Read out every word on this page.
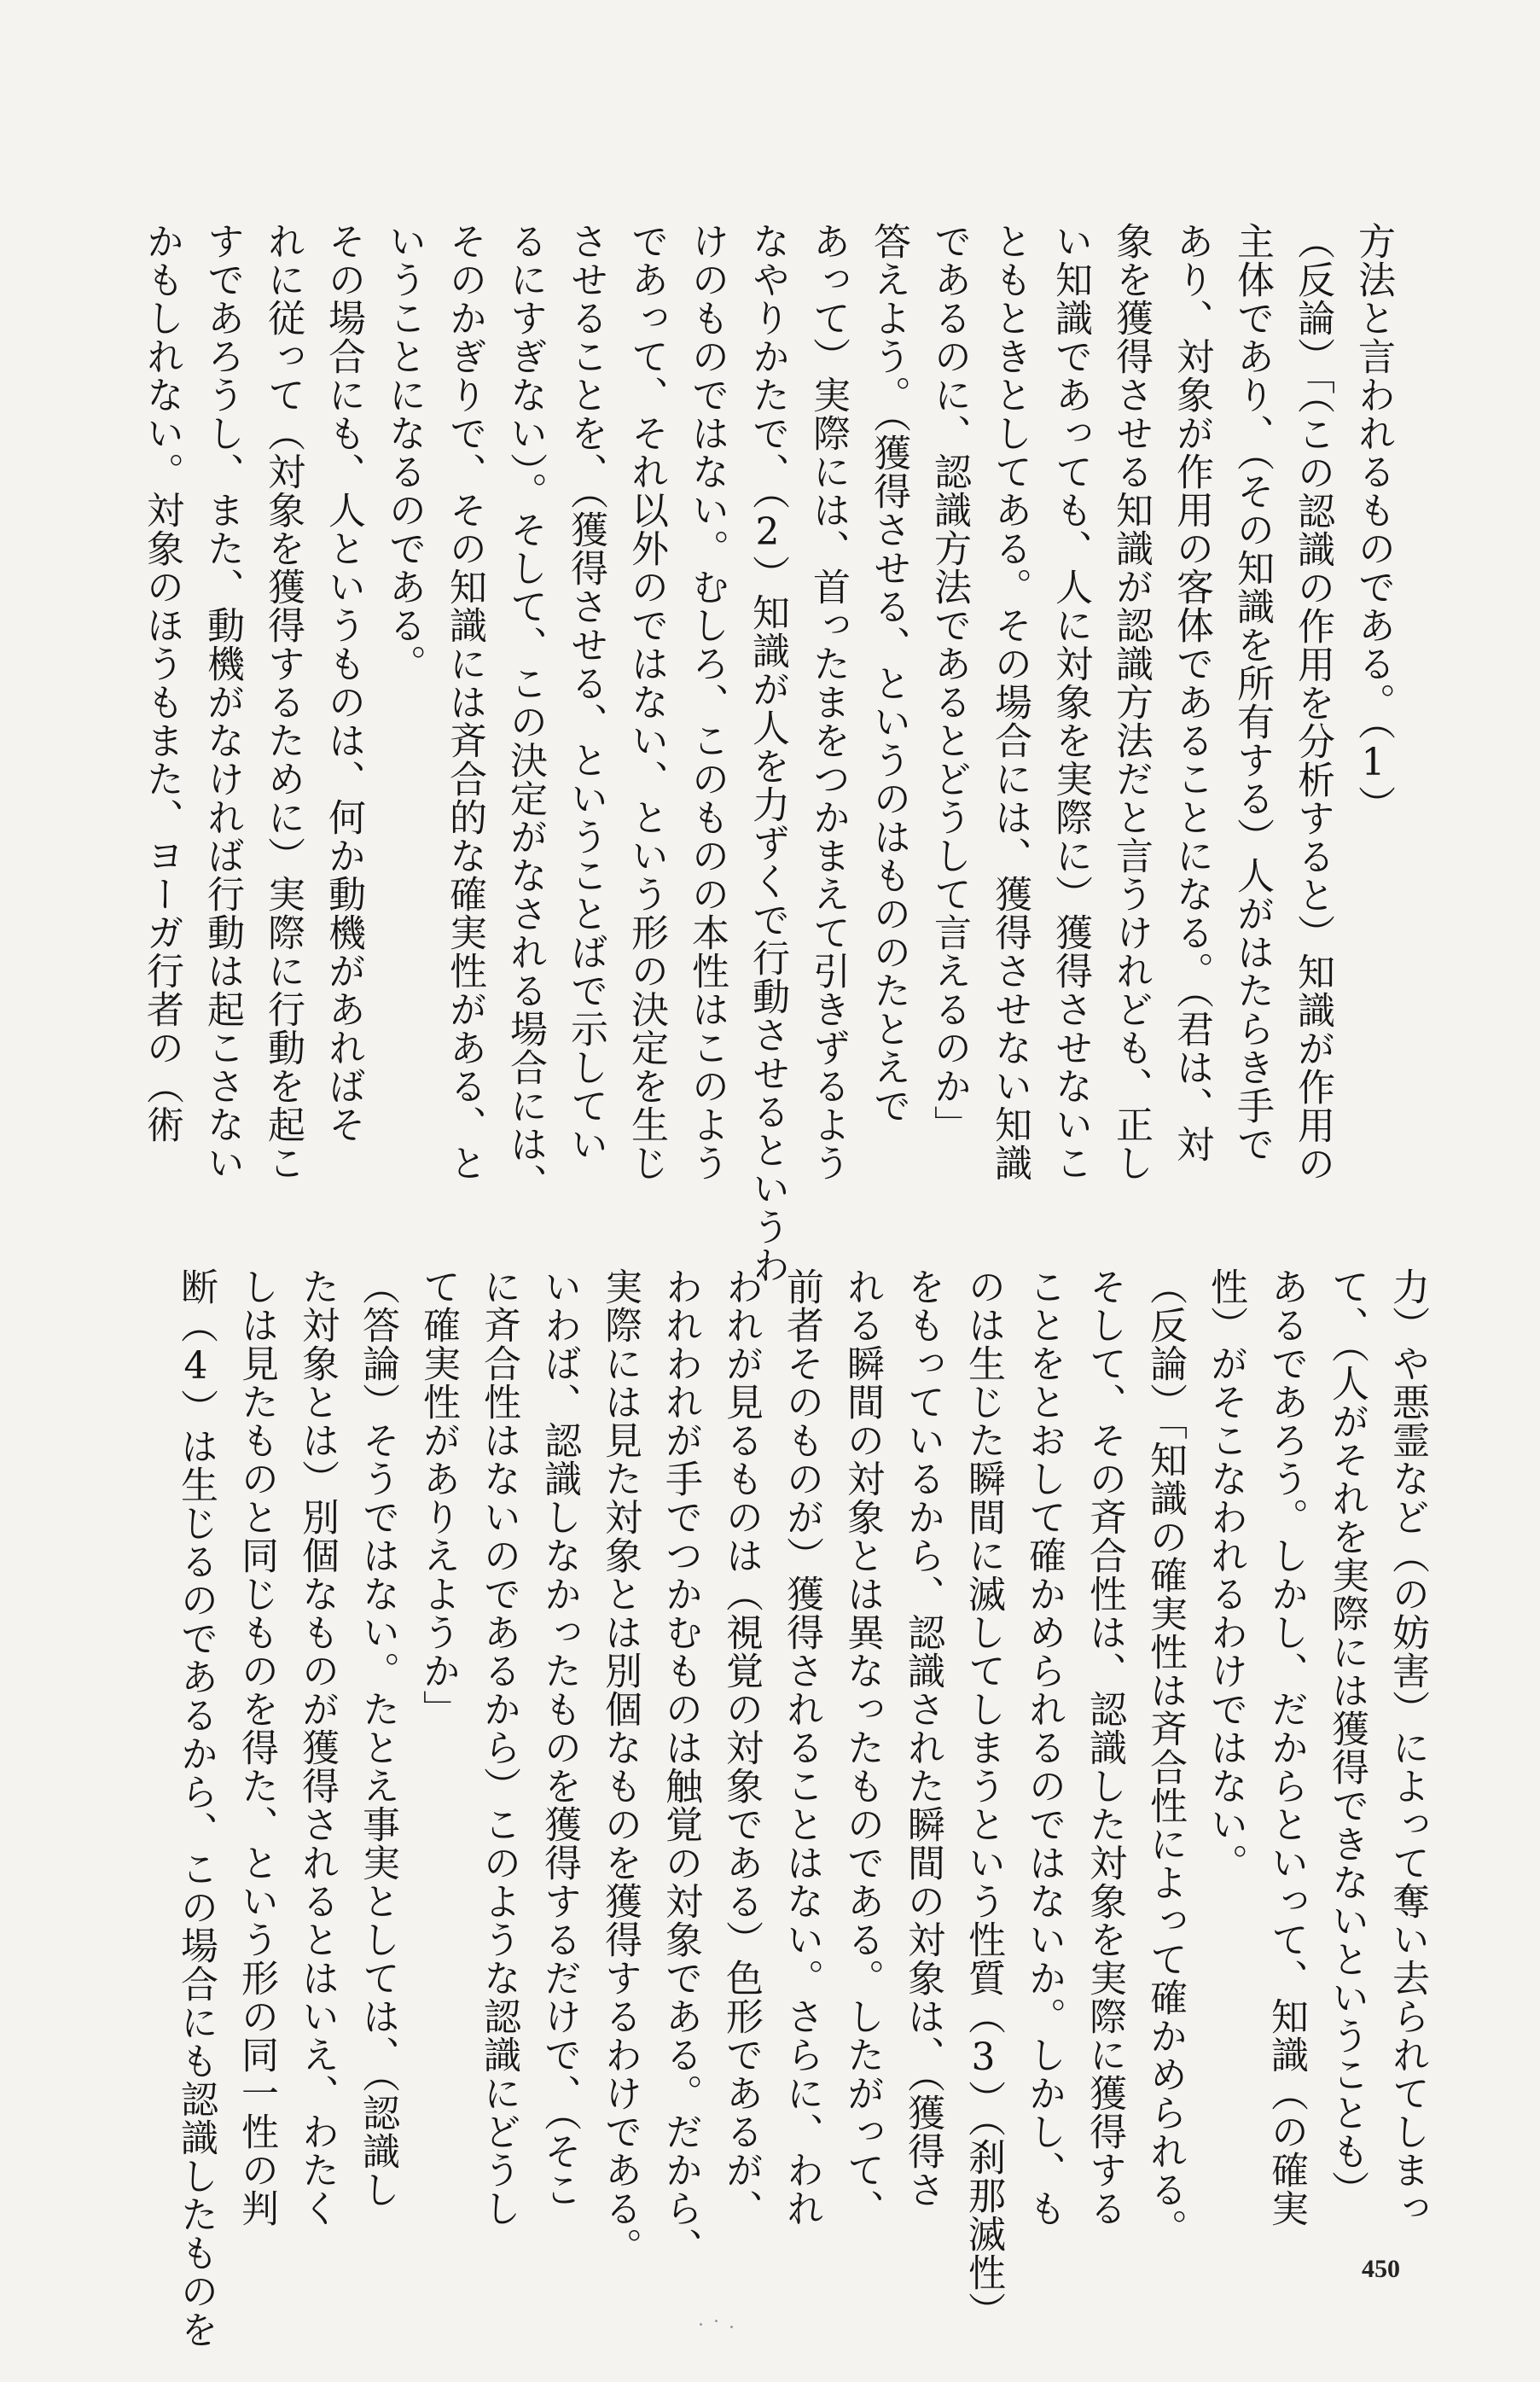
方法と言われるものである。（1）

（反論）「（この認識の作用を分析すると）知識が作用の

主体であり、（その知識を所有する）人がはたらき手で

あり、対象が作用の客体であることになる。（君は、対

象を獲得させる知識が認識方法だと言うけれども、正し

い知識であっても、人に対象を実際に）獲得させないこ

ともときとしてある。その場合には、獲得させない知識

であるのに、認識方法であるとどうして言えるのか」

答えよう。（獲得させる、というのはもののたとえで

あって）実際には、首ったまをつかまえて引きずるよう

なやりかたで、（2）知識が人を力ずくで行動させるというわ

けのものではない。むしろ、このものの本性はこのよう

であって、それ以外のではない、という形の決定を生じ

させることを、（獲得させる、ということばで示してい

るにすぎない）。そして、この決定がなされる場合には、

そのかぎりで、その知識には斉合的な確実性がある、と

いうことになるのである。

その場合にも、人というものは、何か動機があればそ

れに従って（対象を獲得するために）実際に行動を起こ

すであろうし、また、動機がなければ行動は起こさない

かもしれない。対象のほうもまた、ヨーガ行者の（術

力）や悪霊など（の妨害）によって奪い去られてしまっ

て、（人がそれを実際には獲得できないということも）

あるであろう。しかし、だからといって、知識（の確実

性）がそこなわれるわけではない。

（反論）「知識の確実性は斉合性によって確かめられる。

そして、その斉合性は、認識した対象を実際に獲得する

ことをとおして確かめられるのではないか。しかし、も

のは生じた瞬間に滅してしまうという性質（3）（刹那滅性）

をもっているから、認識された瞬間の対象は、（獲得さ

れる瞬間の対象とは異なったものである。したがって、

前者そのものが）獲得されることはない。さらに、われ

われが見るものは（視覚の対象である）色形であるが、

われわれが手でつかむものは触覚の対象である。だから、

実際には見た対象とは別個なものを獲得するわけである。

いわば、認識しなかったものを獲得するだけで、（そこ

に斉合性はないのであるから）このような認識にどうし

て確実性がありえようか」

（答論）そうではない。たとえ事実としては、（認識し

た対象とは）別個なものが獲得されるとはいえ、わたく

しは見たものと同じものを得た、という形の同一性の判

断（4）は生じるのであるから、この場合にも認識したものを	450
